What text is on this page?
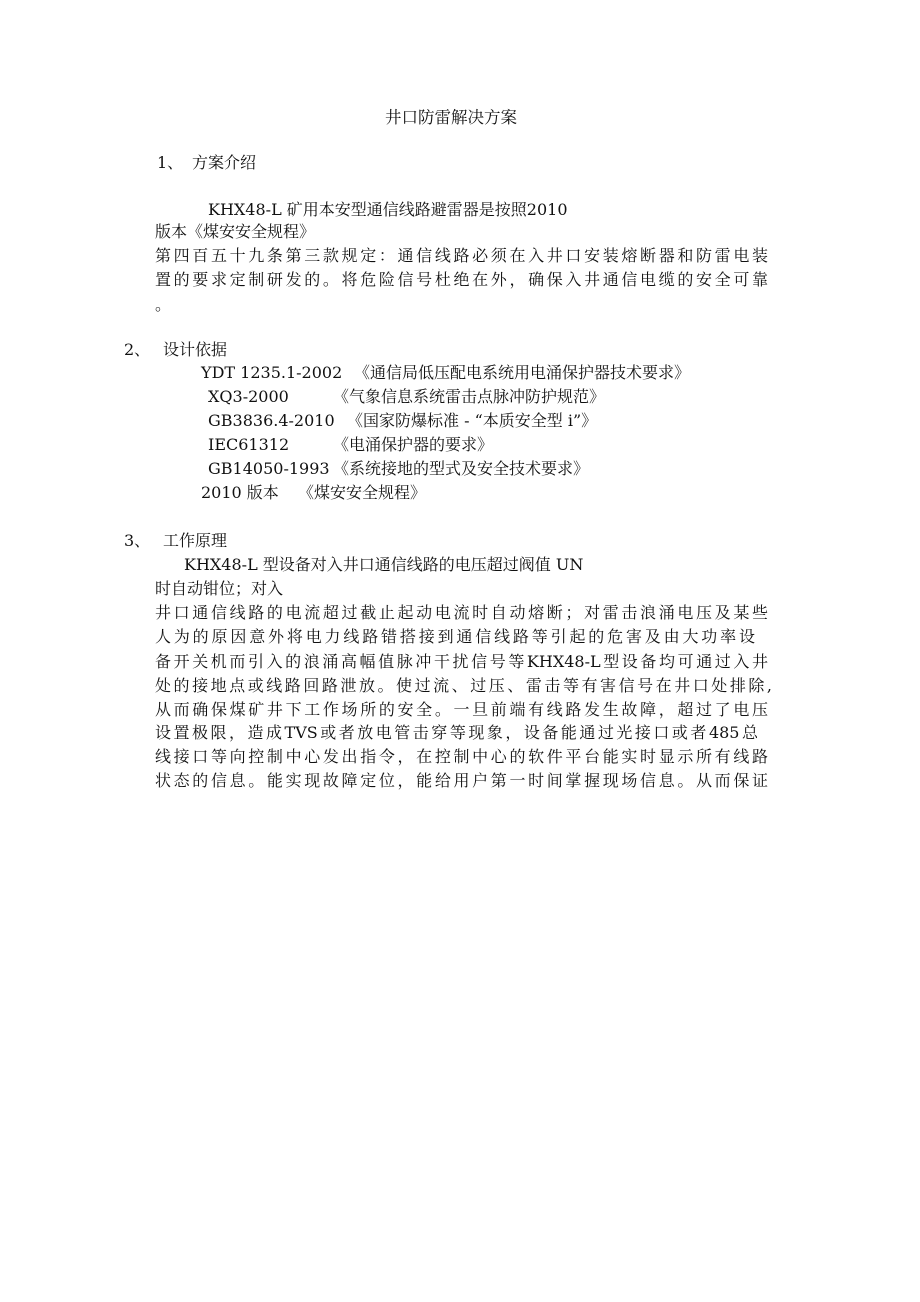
井口防雷解决方案
1、 方案介绍
KHX48-L 矿用本安型通信线路避雷器是按照2010
版本《煤安安全规程》
第四百五十九条第三款规定：通信线路必须在入井口安装熔断器和防雷电装
置的要求定制研发的。将危险信号杜绝在外，确保入井通信电缆的安全可靠
。
2、 设计依据
YDT 1235.1-2002 《通信局低压配电系统用电涌保护器技术要求》
XQ3-2000	《气象信息系统雷击点脉冲防护规范》
GB3836.4-2010 《国家防爆标准 - “本质安全型 i”》
IEC61312	《电涌保护器的要求》
GB14050-1993 《系统接地的型式及安全技术要求》
2010 版本 《煤安安全规程》
3、 工作原理
KHX48-L 型设备对入井口通信线路的电压超过阀值 UN
时自动钳位；对入
井口通信线路的电流超过截止起动电流时自动熔断；对雷击浪涌电压及某些
人为的原因意外将电力线路错搭接到通信线路等引起的危害及由大功率设
备开关机而引入的浪涌高幅值脉冲干扰信号等KHX48-L型设备均可通过入井
处的接地点或线路回路泄放。使过流、过压、雷击等有害信号在井口处排除,
从而确保煤矿井下工作场所的安全。一旦前端有线路发生故障，超过了电压
设置极限，造成TVS或者放电管击穿等现象，设备能通过光接口或者485总
线接口等向控制中心发出指令，在控制中心的软件平台能实时显示所有线路
状态的信息。能实现故障定位，能给用户第一时间掌握现场信息。从而保证
